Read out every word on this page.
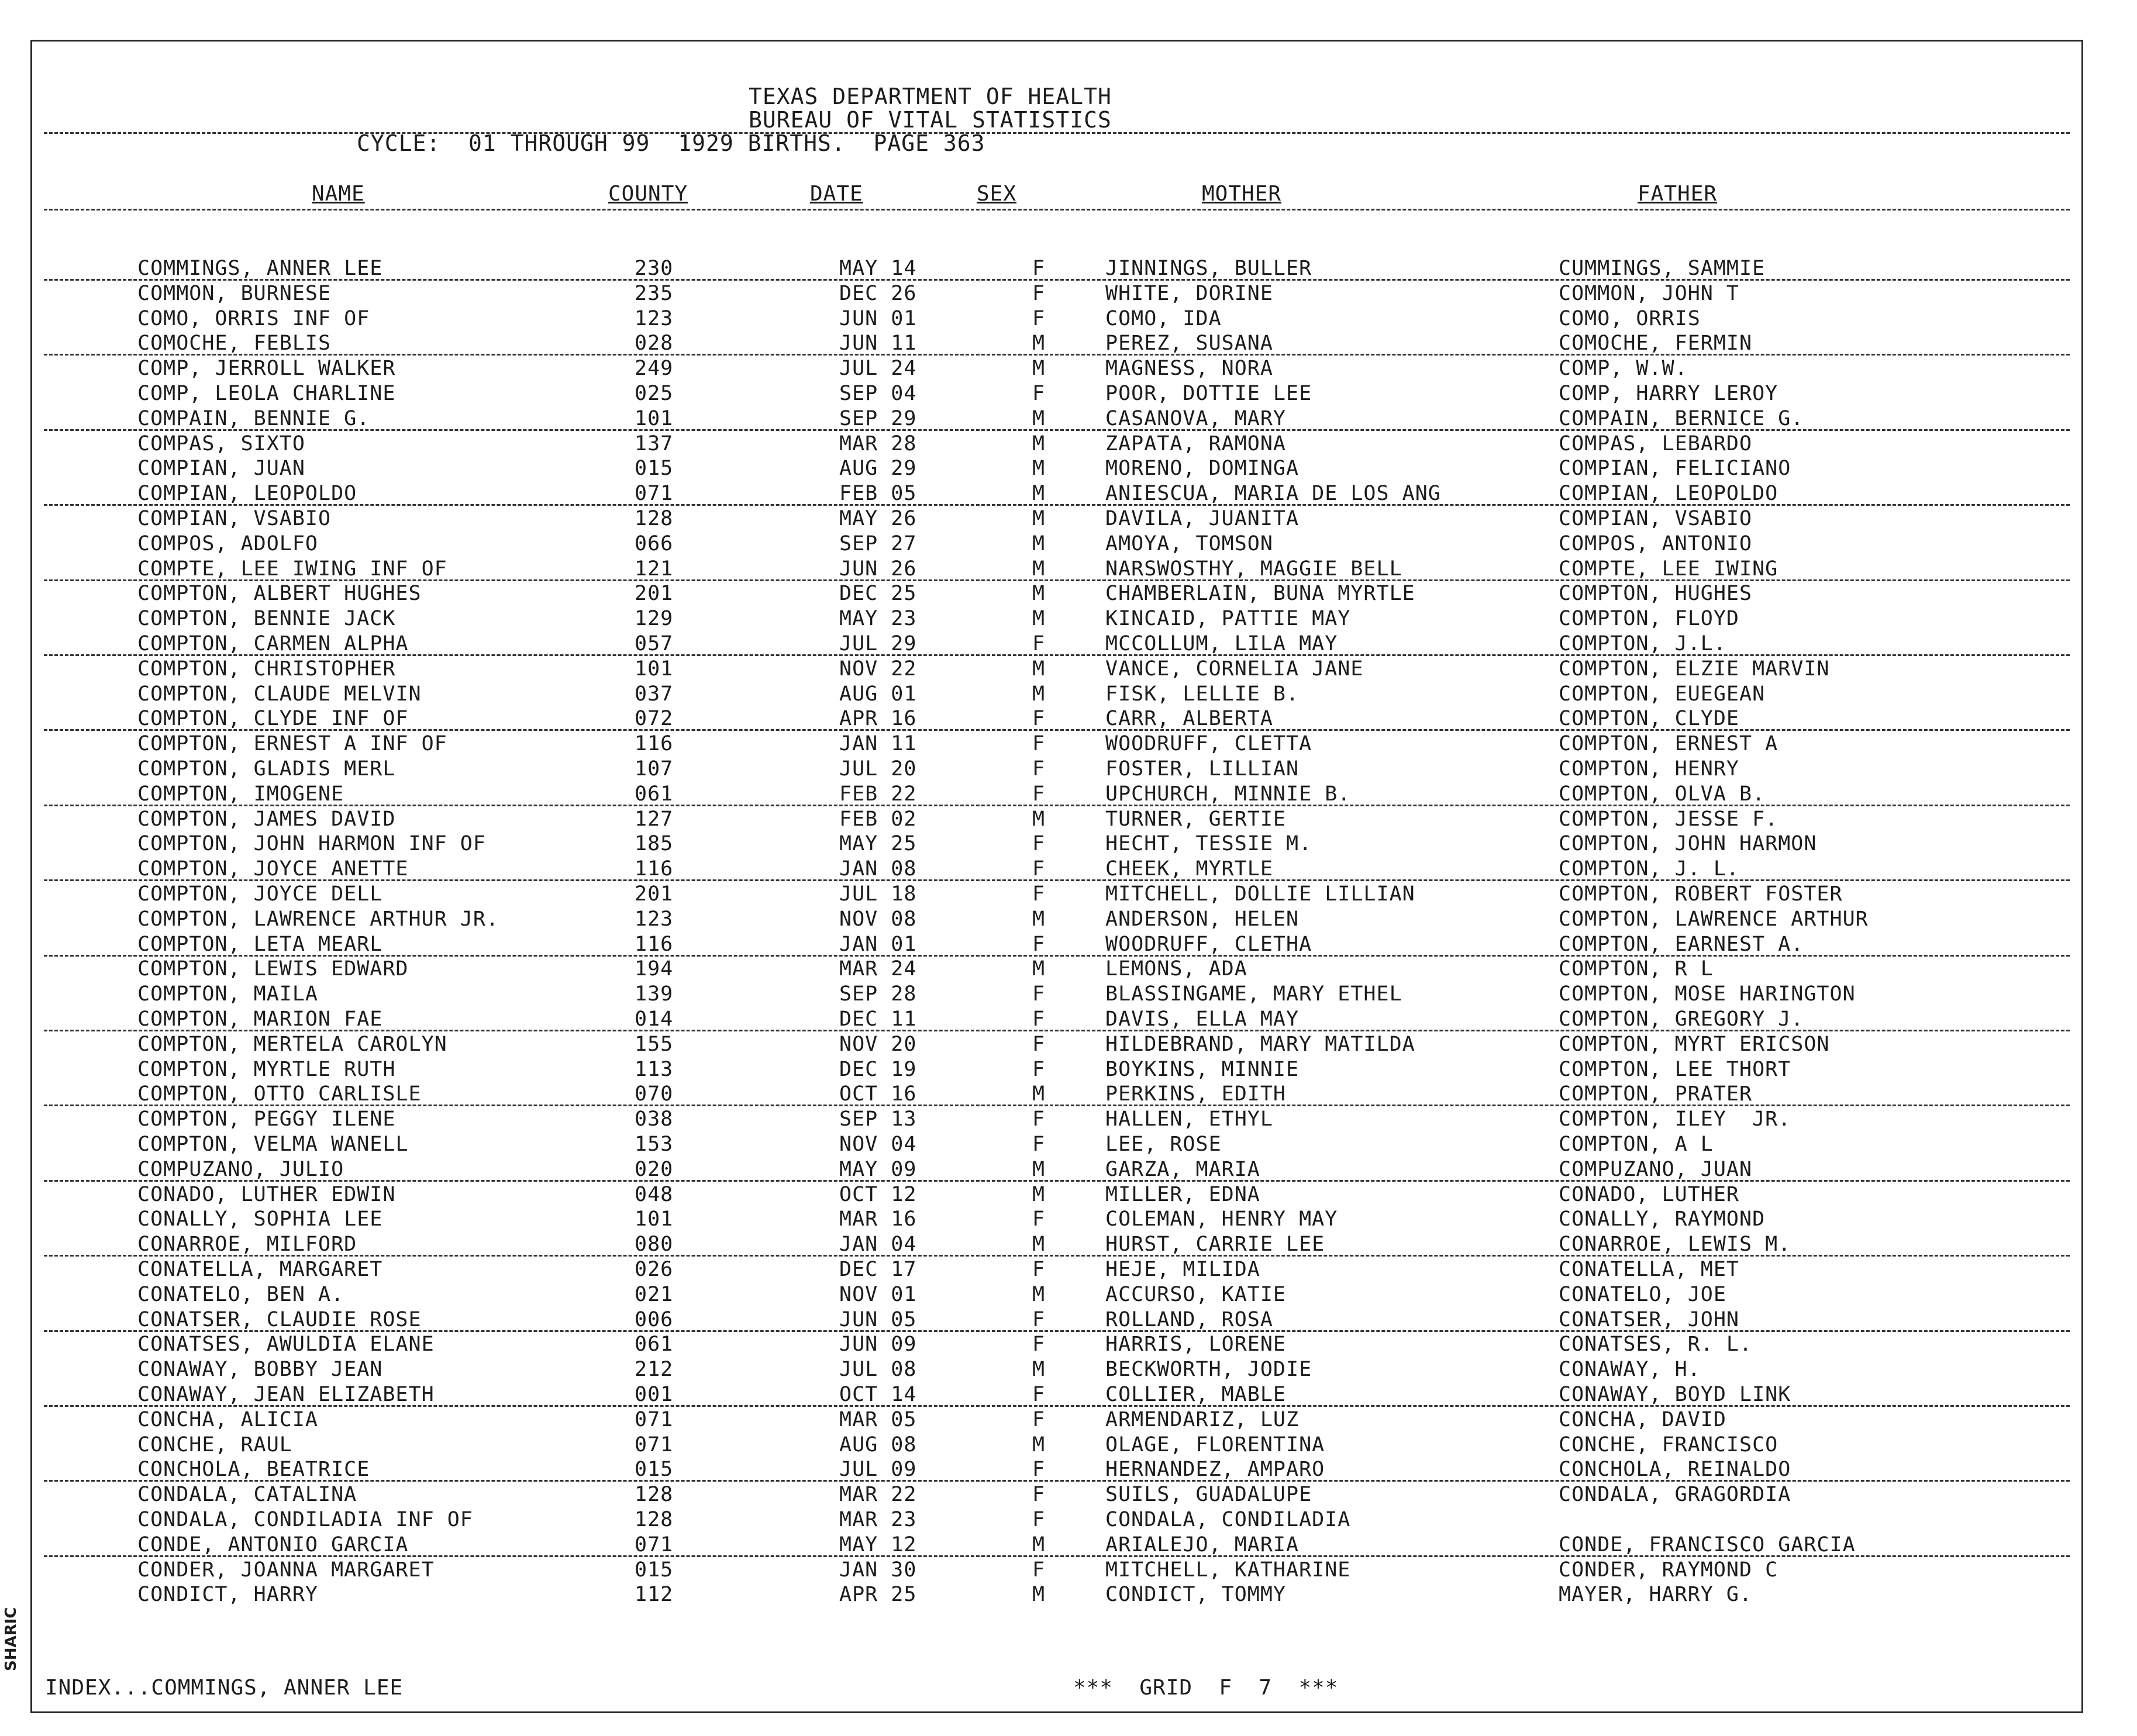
SHARIC
TEXAS DEPARTMENT OF HEALTH
BUREAU OF VITAL STATISTICS
CYCLE:  01 THROUGH 99  1929 BIRTHS.  PAGE 363
NAME	COUNTY	DATE	SEX	MOTHER	FATHER
COMMINGS, ANNER LEE	230	MAY 14	F	JINNINGS, BULLER	CUMMINGS, SAMMIE
COMMON, BURNESE	235	DEC 26	F	WHITE, DORINE	COMMON, JOHN T
COMO, ORRIS INF OF	123	JUN 01	F	COMO, IDA	COMO, ORRIS
COMOCHE, FEBLIS	028	JUN 11	M	PEREZ, SUSANA	COMOCHE, FERMIN
COMP, JERROLL WALKER	249	JUL 24	M	MAGNESS, NORA	COMP, W.W.
COMP, LEOLA CHARLINE	025	SEP 04	F	POOR, DOTTIE LEE	COMP, HARRY LEROY
COMPAIN, BENNIE G.	101	SEP 29	M	CASANOVA, MARY	COMPAIN, BERNICE G.
COMPAS, SIXTO	137	MAR 28	M	ZAPATA, RAMONA	COMPAS, LEBARDO
COMPIAN, JUAN	015	AUG 29	M	MORENO, DOMINGA	COMPIAN, FELICIANO
COMPIAN, LEOPOLDO	071	FEB 05	M	ANIESCUA, MARIA DE LOS ANG	COMPIAN, LEOPOLDO
COMPIAN, VSABIO	128	MAY 26	M	DAVILA, JUANITA	COMPIAN, VSABIO
COMPOS, ADOLFO	066	SEP 27	M	AMOYA, TOMSON	COMPOS, ANTONIO
COMPTE, LEE IWING INF OF	121	JUN 26	M	NARSWOSTHY, MAGGIE BELL	COMPTE, LEE IWING
COMPTON, ALBERT HUGHES	201	DEC 25	M	CHAMBERLAIN, BUNA MYRTLE	COMPTON, HUGHES
COMPTON, BENNIE JACK	129	MAY 23	M	KINCAID, PATTIE MAY	COMPTON, FLOYD
COMPTON, CARMEN ALPHA	057	JUL 29	F	MCCOLLUM, LILA MAY	COMPTON, J.L.
COMPTON, CHRISTOPHER	101	NOV 22	M	VANCE, CORNELIA JANE	COMPTON, ELZIE MARVIN
COMPTON, CLAUDE MELVIN	037	AUG 01	M	FISK, LELLIE B.	COMPTON, EUEGEAN
COMPTON, CLYDE INF OF	072	APR 16	F	CARR, ALBERTA	COMPTON, CLYDE
COMPTON, ERNEST A INF OF	116	JAN 11	F	WOODRUFF, CLETTA	COMPTON, ERNEST A
COMPTON, GLADIS MERL	107	JUL 20	F	FOSTER, LILLIAN	COMPTON, HENRY
COMPTON, IMOGENE	061	FEB 22	F	UPCHURCH, MINNIE B.	COMPTON, OLVA B.
COMPTON, JAMES DAVID	127	FEB 02	M	TURNER, GERTIE	COMPTON, JESSE F.
COMPTON, JOHN HARMON INF OF	185	MAY 25	F	HECHT, TESSIE M.	COMPTON, JOHN HARMON
COMPTON, JOYCE ANETTE	116	JAN 08	F	CHEEK, MYRTLE	COMPTON, J. L.
COMPTON, JOYCE DELL	201	JUL 18	F	MITCHELL, DOLLIE LILLIAN	COMPTON, ROBERT FOSTER
COMPTON, LAWRENCE ARTHUR JR.	123	NOV 08	M	ANDERSON, HELEN	COMPTON, LAWRENCE ARTHUR
COMPTON, LETA MEARL	116	JAN 01	F	WOODRUFF, CLETHA	COMPTON, EARNEST A.
COMPTON, LEWIS EDWARD	194	MAR 24	M	LEMONS, ADA	COMPTON, R L
COMPTON, MAILA	139	SEP 28	F	BLASSINGAME, MARY ETHEL	COMPTON, MOSE HARINGTON
COMPTON, MARION FAE	014	DEC 11	F	DAVIS, ELLA MAY	COMPTON, GREGORY J.
COMPTON, MERTELA CAROLYN	155	NOV 20	F	HILDEBRAND, MARY MATILDA	COMPTON, MYRT ERICSON
COMPTON, MYRTLE RUTH	113	DEC 19	F	BOYKINS, MINNIE	COMPTON, LEE THORT
COMPTON, OTTO CARLISLE	070	OCT 16	M	PERKINS, EDITH	COMPTON, PRATER
COMPTON, PEGGY ILENE	038	SEP 13	F	HALLEN, ETHYL	COMPTON, ILEY  JR.
COMPTON, VELMA WANELL	153	NOV 04	F	LEE, ROSE	COMPTON, A L
COMPUZANO, JULIO	020	MAY 09	M	GARZA, MARIA	COMPUZANO, JUAN
CONADO, LUTHER EDWIN	048	OCT 12	M	MILLER, EDNA	CONADO, LUTHER
CONALLY, SOPHIA LEE	101	MAR 16	F	COLEMAN, HENRY MAY	CONALLY, RAYMOND
CONARROE, MILFORD	080	JAN 04	M	HURST, CARRIE LEE	CONARROE, LEWIS M.
CONATELLA, MARGARET	026	DEC 17	F	HEJE, MILIDA	CONATELLA, MET
CONATELO, BEN A.	021	NOV 01	M	ACCURSO, KATIE	CONATELO, JOE
CONATSER, CLAUDIE ROSE	006	JUN 05	F	ROLLAND, ROSA	CONATSER, JOHN
CONATSES, AWULDIA ELANE	061	JUN 09	F	HARRIS, LORENE	CONATSES, R. L.
CONAWAY, BOBBY JEAN	212	JUL 08	M	BECKWORTH, JODIE	CONAWAY, H.
CONAWAY, JEAN ELIZABETH	001	OCT 14	F	COLLIER, MABLE	CONAWAY, BOYD LINK
CONCHA, ALICIA	071	MAR 05	F	ARMENDARIZ, LUZ	CONCHA, DAVID
CONCHE, RAUL	071	AUG 08	M	OLAGE, FLORENTINA	CONCHE, FRANCISCO
CONCHOLA, BEATRICE	015	JUL 09	F	HERNANDEZ, AMPARO	CONCHOLA, REINALDO
CONDALA, CATALINA	128	MAR 22	F	SUILS, GUADALUPE	CONDALA, GRAGORDIA
CONDALA, CONDILADIA INF OF	128	MAR 23	F	CONDALA, CONDILADIA
CONDE, ANTONIO GARCIA	071	MAY 12	M	ARIALEJO, MARIA	CONDE, FRANCISCO GARCIA
CONDER, JOANNA MARGARET	015	JAN 30	F	MITCHELL, KATHARINE	CONDER, RAYMOND C
CONDICT, HARRY	112	APR 25	M	CONDICT, TOMMY	MAYER, HARRY G.
INDEX...COMMINGS, ANNER LEE	***  GRID  F  7  ***
